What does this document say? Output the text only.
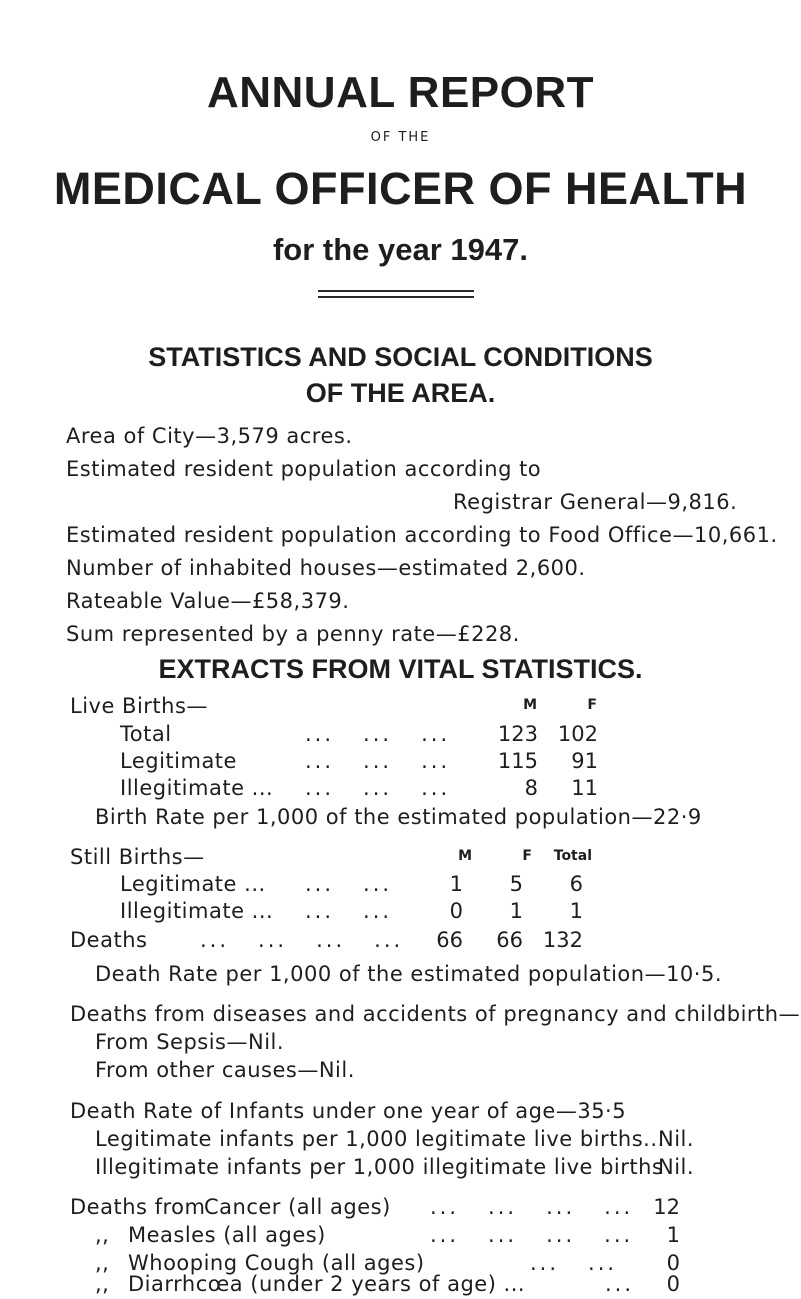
ANNUAL REPORT
OF THE
MEDICAL OFFICER OF HEALTH
for the year 1947.
STATISTICS AND SOCIAL CONDITIONS
OF THE AREA.
Area of City—3,579 acres.
Estimated resident population according to
Registrar General—9,816.
Estimated resident population according to Food Office—10,661.
Number of inhabited houses—estimated 2,600.
Rateable Value—£58,379.
Sum represented by a penny rate—£228.
EXTRACTS FROM VITAL STATISTICS.
Live Births—	M	F
Total	...   ...   ...	123 102
Legitimate	...   ...   ...	115	91
Illegitimate ... ...   ...   ...	8	11
Birth Rate per 1,000 of the estimated population—22·9
Still Births—	M	F	Total
Legitimate ... ...   ...	1	5	6
Illegitimate ... ...   ...	0	1	1
Deaths	...   ...   ...   ...	66	66 132
Death Rate per 1,000 of the estimated population—10·5.
Deaths from diseases and accidents of pregnancy and childbirth—
From Sepsis—Nil.
From other causes—Nil.
Death Rate of Infants under one year of age—35·5
Legitimate infants per 1,000 legitimate live births...
Nil.
Illegitimate infants per 1,000 illegitimate live births
Nil.
Deaths from
Cancer (all ages) ...   ...   ...   ... 12
,, Measles (all ages)	...   ...   ...   ...	1
,, Whooping Cough (all ages)	...   ...	0
,, Diarrhcœa (under 2 years of age) ...	...	0
